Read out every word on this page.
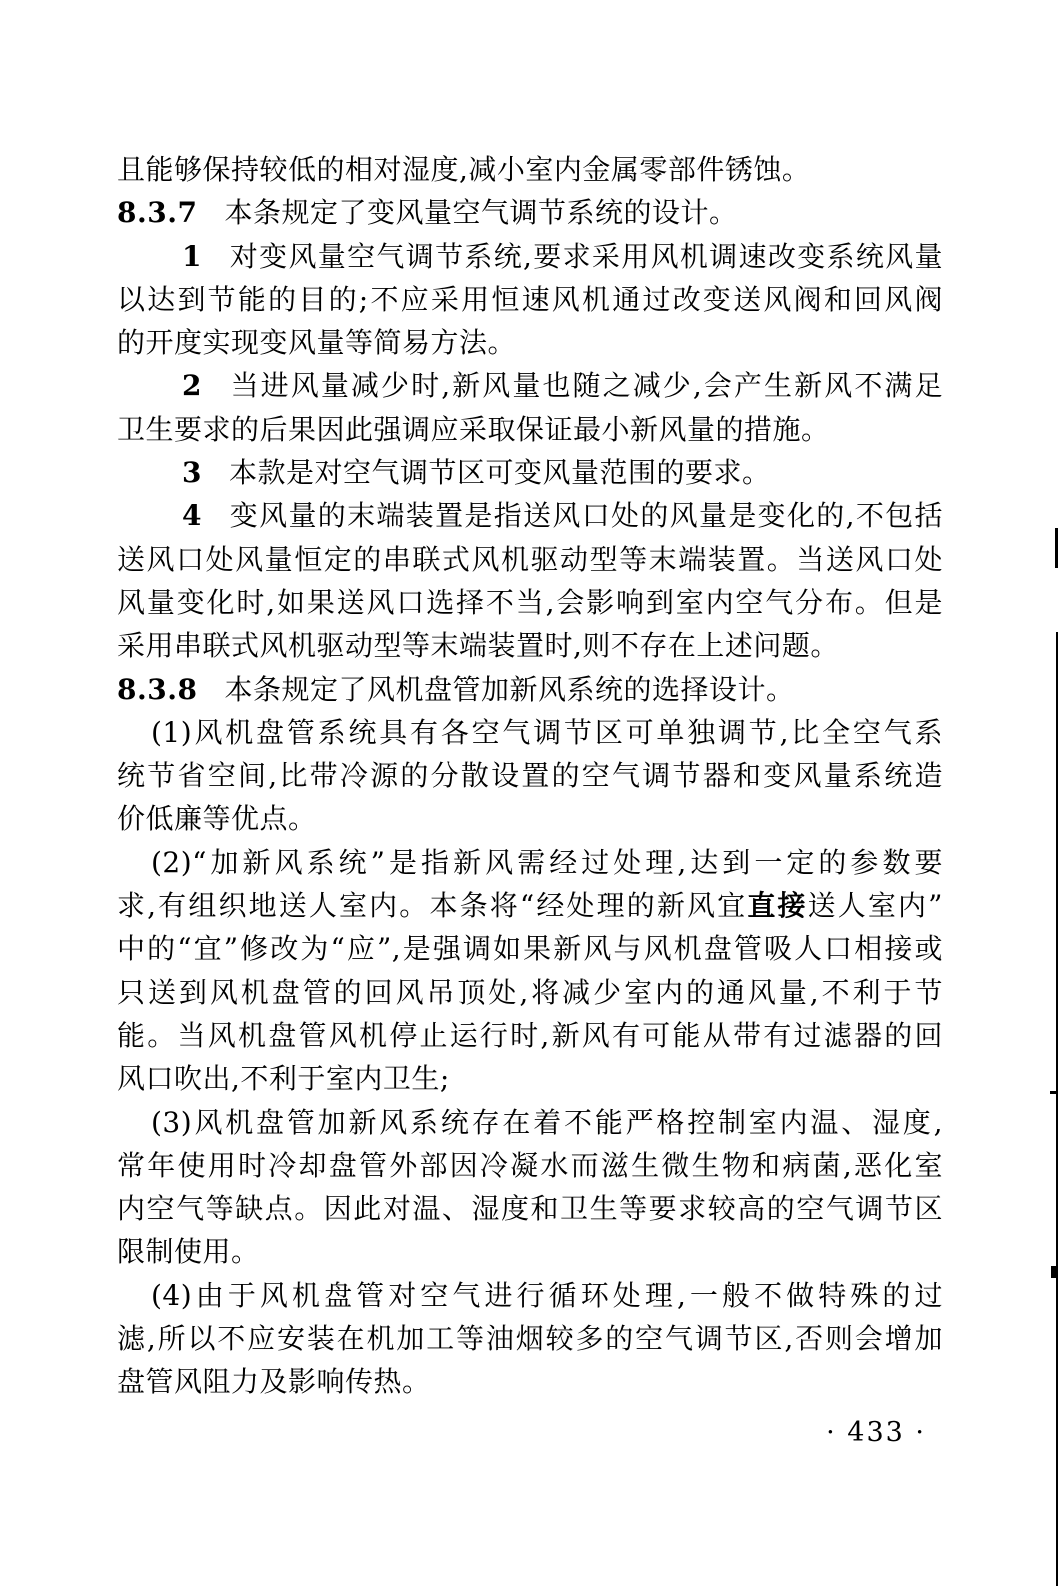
且能够保持较低的相对湿度,减小室内金属零部件锈蚀。
8.3.7 本条规定了变风量空气调节系统的设计。
1 对变风量空气调节系统,要求采用风机调速改变系统风量
以达到节能的目的;不应采用恒速风机通过改变送风阀和回风阀
的开度实现变风量等简易方法。
2 当进风量减少时,新风量也随之减少,会产生新风不满足
卫生要求的后果因此强调应采取保证最小新风量的措施。
3 本款是对空气调节区可变风量范围的要求。
4 变风量的末端装置是指送风口处的风量是变化的,不包括
送风口处风量恒定的串联式风机驱动型等末端装置。当送风口处
风量变化时,如果送风口选择不当,会影响到室内空气分布。但是
采用串联式风机驱动型等末端装置时,则不存在上述问题。
8.3.8 本条规定了风机盘管加新风系统的选择设计。
(1)风机盘管系统具有各空气调节区可单独调节,比全空气系
统节省空间,比带冷源的分散设置的空气调节器和变风量系统造
价低廉等优点。
(2)“加新风系统”是指新风需经过处理,达到一定的参数要
求,有组织地送人室内。本条将“经处理的新风宜直接送人室内”
中的“宜”修改为“应”,是强调如果新风与风机盘管吸人口相接或
只送到风机盘管的回风吊顶处,将减少室内的通风量,不利于节
能。当风机盘管风机停止运行时,新风有可能从带有过滤器的回
风口吹出,不利于室内卫生;
(3)风机盘管加新风系统存在着不能严格控制室内温、湿度,
常年使用时冷却盘管外部因冷凝水而滋生微生物和病菌,恶化室
内空气等缺点。因此对温、湿度和卫生等要求较高的空气调节区
限制使用。
(4)由于风机盘管对空气进行循环处理,一般不做特殊的过
滤,所以不应安装在机加工等油烟较多的空气调节区,否则会增加
盘管风阻力及影响传热。
· 433 ·
